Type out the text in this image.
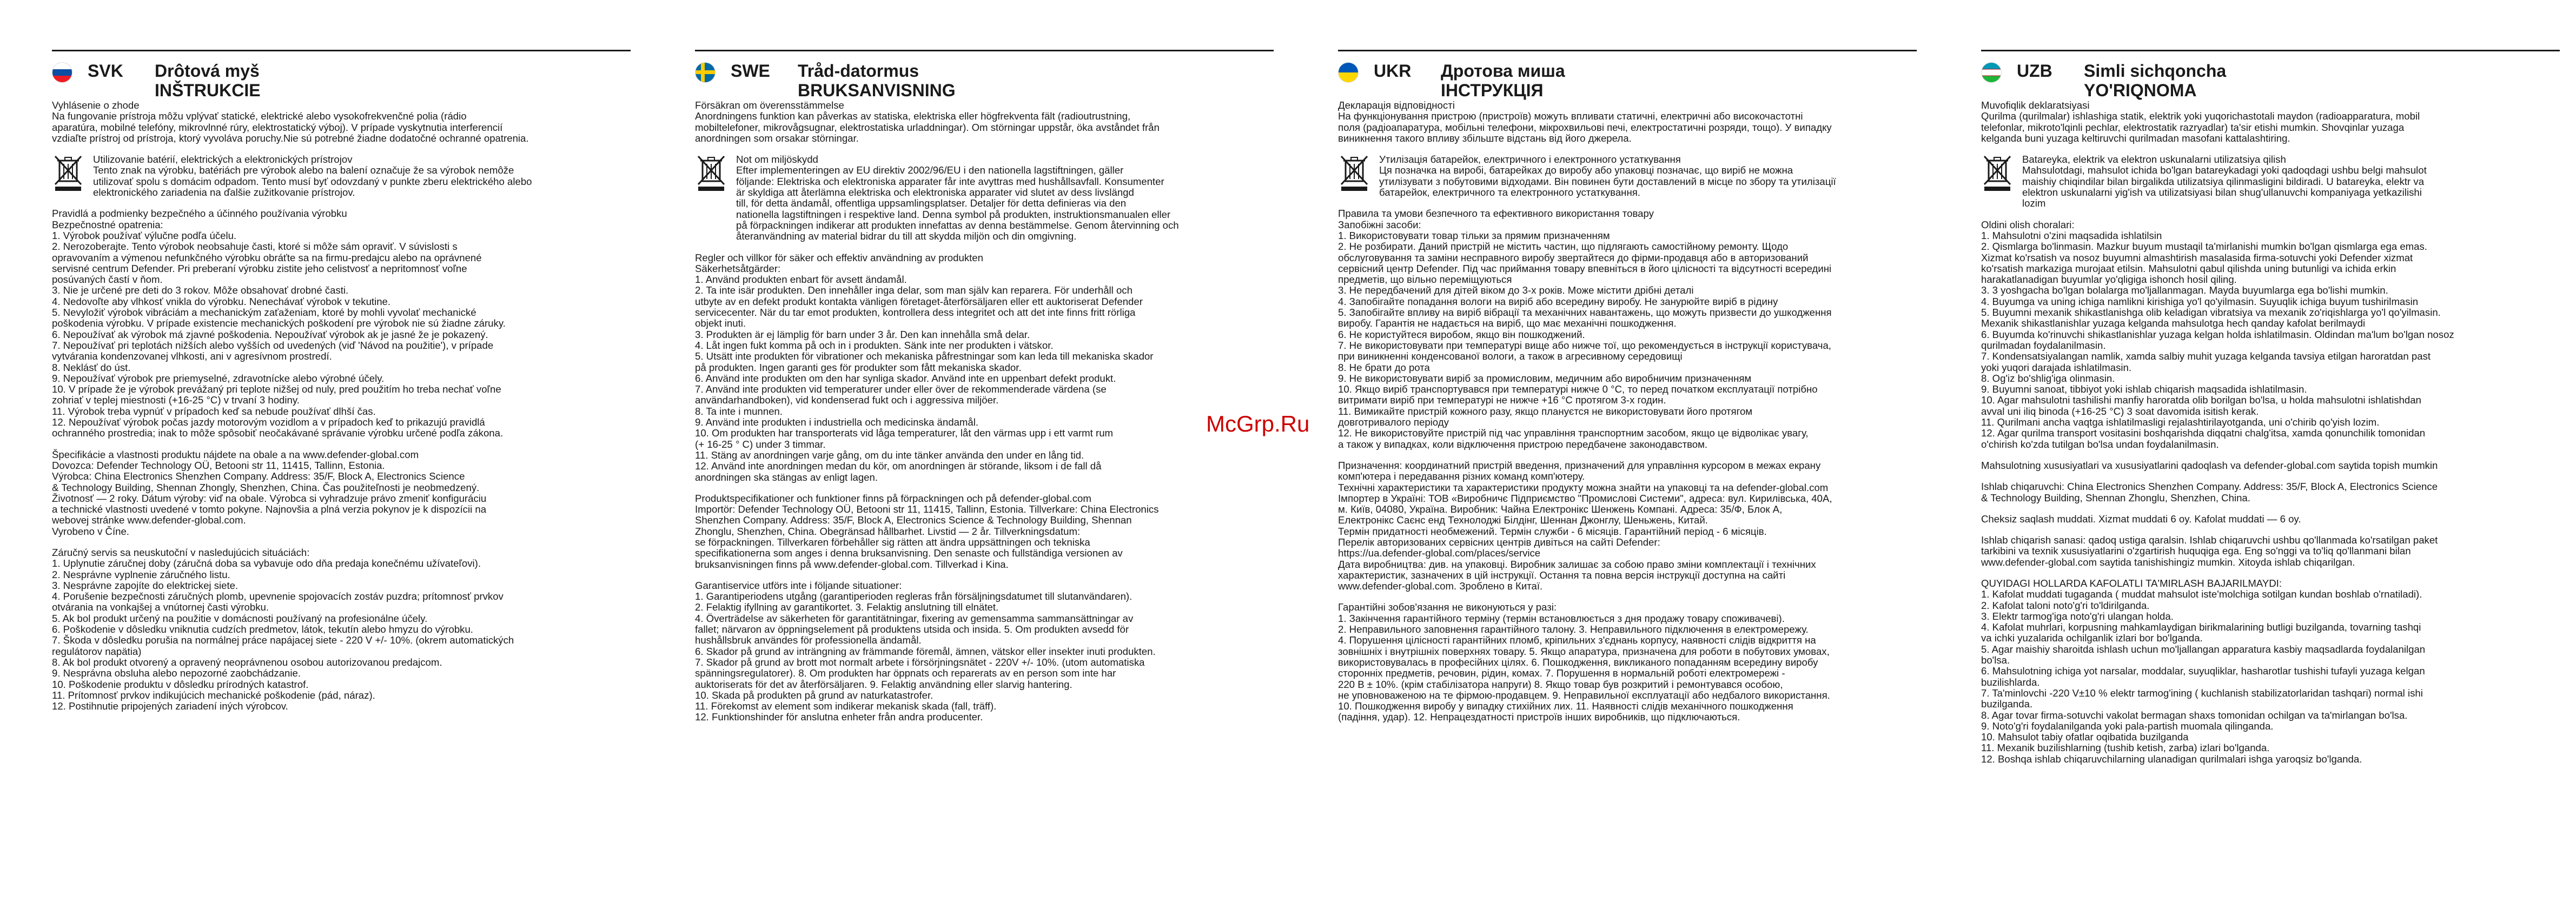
SVK Drôtová myš
INŠTRUKCIE

Vyhlásenie o zhode
Na fungovanie prístroja môžu vplývať statické, elektrické alebo vysokofrekvenčné polia (rádio
aparatúra, mobilné telefóny, mikrovlnné rúry, elektrostatický výboj). V prípade vyskytnutia interferencií
vzdiaľte prístroj od prístroja, ktorý vyvoláva poruchy.Nie sú potrebné žiadne dodatočné ochranné opatrenia.

Utilizovanie batérií, elektrických a elektronických prístrojov
Tento znak na výrobku, batériách pre výrobok alebo na balení označuje že sa výrobok nemôže
utilizovať spolu s domácim odpadom. Tento musí byť odovzdaný v punkte zberu elektrického alebo
elektronického zariadenia na ďalšie zužitkovanie prístrojov.

Pravidlá a podmienky bezpečného a účinného používania výrobku
Bezpečnostné opatrenia:
1. Výrobok používať výlučne podľa účelu.
2. Nerozoberajte. Tento výrobok neobsahuje časti, ktoré si môže sám opraviť. V súvislosti s
opravovaním a výmenou nefunkčného výrobku obráťte sa na firmu-predajcu alebo na oprávnené
servisné centrum Defender. Pri preberaní výrobku zistite jeho celistvosť a nepritomnosť voľne
posúvaných častí v ňom.
3. Nie je určené pre deti do 3 rokov. Môže obsahovať drobné časti.
4. Nedovoľte aby vlhkosť vnikla do výrobku. Nenechávať výrobok v tekutine.
5. Nevyložiť výrobok vibráciám a mechanickým zaťaženiam, ktoré by mohli vyvolať mechanické
poškodenia výrobku. V prípade existencie mechanických poškodení pre výrobok nie sú žiadne záruky.
6. Nepoužívať ak výrobok má zjavné poškodenia. Nepoužívať výrobok ak je jasné že je pokazený.
7. Nepoužívať pri teplotách nižších alebo vyšších od uvedených (viď 'Návod na použitie'), v prípade
vytvárania kondenzovanej vlhkosti, ani v agresívnom prostredí.
8. Neklásť do úst.
9. Nepoužívať výrobok pre priemyselné, zdravotnícke alebo výrobné účely.
10. V prípade že je výrobok prevážaný pri teplote nižšej od nuly, pred použitím ho treba nechať voľne
zohriať v teplej miestnosti (+16-25 °C) v trvaní 3 hodiny.
11. Výrobok treba vypnúť v prípadoch keď sa nebude používať dlhší čas.
12. Nepoužívať výrobok počas jazdy motorovým vozidlom a v prípadoch keď to prikazujú pravidlá
ochranného prostredia; inak to môže spôsobiť neočakávané správanie výrobku určené podľa zákona.

Špecifikácie a vlastnosti produktu nájdete na obale a na www.defender-global.com
Dovozca: Defender Technology OÜ, Betooni str 11, 11415, Tallinn, Estonia.
Výrobca: China Electronics Shenzhen Company. Address: 35/F, Block A, Electronics Science
& Technology Building, Shennan Zhongly, Shenzhen, China. Čas použiteľnosti je neobmedzený.
Životnosť — 2 roky. Dátum výroby: viď na obale. Výrobca si vyhradzuje právo zmeniť konfiguráciu
a technické vlastnosti uvedené v tomto pokyne. Najnovšia a plná verzia pokynov je k dispozícii na
webovej stránke www.defender-global.com.
Vyrobeno v Číne.

Záručný servis sa neuskutoční v nasledujúcich situáciách:
1. Uplynutie záručnej doby (záručná doba sa vybavuje odo dňa predaja konečnému užívateľovi).
2. Nesprávne vyplnenie záručného listu.
3. Nesprávne zapojíte do elektrickej siete.
4. Porušenie bezpečnosti záručných plomb, upevnenie spojovacích zostáv puzdra; prítomnosť prvkov
otvárania na vonkajšej a vnútornej časti výrobku.
5. Ak bol produkt určený na použitie v domácnosti používaný na profesionálne účely.
6. Poškodenie v dôsledku vniknutia cudzích predmetov, látok, tekutín alebo hmyzu do výrobku.
7. Škoda v dôsledku porušia na normálnej práce napájacej siete - 220 V +/- 10%. (okrem automatických
regulátorov napätia)
8. Ak bol produkt otvorený a opravený neoprávnenou osobou autorizovanou predajcom.
9. Nesprávna obsluha alebo nepozorné zaobchádzanie.
10. Poškodenie produktu v dôsledku prírodných katastrof.
11. Prítomnosť prvkov indikujúcich mechanické poškodenie (pád, náraz).
12. Postihnutie pripojených zariadení iných výrobcov.

SWE Tråd-datormus
BRUKSANVISNING

Försäkran om överensstämmelse
Anordningens funktion kan påverkas av statiska, elektriska eller högfrekventa fält (radioutrustning,
mobiltelefoner, mikrovågsugnar, elektrostatiska urladdningar). Om störningar uppstår, öka avståndet från
anordningen som orsakar störningar.

Not om miljöskydd
Efter implementeringen av EU direktiv 2002/96/EU i den nationella lagstiftningen, gäller
följande: Elektriska och elektroniska apparater får inte avyttras med hushållsavfall. Konsumenter
är skyldiga att återlämna elektriska och elektroniska apparater vid slutet av dess livslängd
till, för detta ändamål, offentliga uppsamlingsplatser. Detaljer för detta definieras via den
nationella lagstiftningen i respektive land. Denna symbol på produkten, instruktionsmanualen eller
på förpackningen indikerar att produkten innefattas av denna bestämmelse. Genom återvinning och
återanvändning av material bidrar du till att skydda miljön och din omgivning.

Regler och villkor för säker och effektiv användning av produkten
Säkerhetsåtgärder:
1. Använd produkten enbart för avsett ändamål.
2. Ta inte isär produkten. Den innehåller inga delar, som man själv kan reparera. För underhåll och
utbyte av en defekt produkt kontakta vänligen företaget-återförsäljaren eller ett auktoriserat Defender
servicecenter. När du tar emot produkten, kontrollera dess integritet och att det inte finns fritt rörliga
objekt inuti.
3. Produkten är ej lämplig för barn under 3 år. Den kan innehålla små delar.
4. Låt ingen fukt komma på och in i produkten. Sänk inte ner produkten i vätskor.
5. Utsätt inte produkten för vibrationer och mekaniska påfrestningar som kan leda till mekaniska skador
på produkten. Ingen garanti ges för produkter som fått mekaniska skador.
6. Använd inte produkten om den har synliga skador. Använd inte en uppenbart defekt produkt.
7. Använd inte produkten vid temperaturer under eller över de rekommenderade värdena (se
användarhandboken), vid kondenserad fukt och i aggressiva miljöer.
8. Ta inte i munnen.
9. Använd inte produkten i industriella och medicinska ändamål.
10. Om produkten har transporterats vid låga temperaturer, låt den värmas upp i ett varmt rum
(+ 16-25 ° C) under 3 timmar.
11. Stäng av anordningen varje gång, om du inte tänker använda den under en lång tid.
12. Använd inte anordningen medan du kör, om anordningen är störande, liksom i de fall då
anordningen ska stängas av enligt lagen.

Produktspecifikationer och funktioner finns på förpackningen och på defender-global.com
Importör: Defender Technology OÜ, Betooni str 11, 11415, Tallinn, Estonia. Tillverkare: China Electronics
Shenzhen Company. Address: 35/F, Block A, Electronics Science & Technology Building, Shennan
Zhonglu, Shenzhen, China. Obegränsad hållbarhet. Livstid — 2 år. Tillverkningsdatum:
se förpackningen. Tillverkaren förbehåller sig rätten att ändra uppsättningen och tekniska
specifikationerna som anges i denna bruksanvisning. Den senaste och fullständiga versionen av
bruksanvisningen finns på www.defender-global.com. Tillverkad i Kina.

Garantiservice utförs inte i följande situationer:
1. Garantiperiodens utgång (garantiperioden regleras från försäljningsdatumet till slutanvändaren).
2. Felaktig ifyllning av garantikortet. 3. Felaktig anslutning till elnätet.
4. Överträdelse av säkerheten för garantitätningar, fixering av gemensamma sammansättningar av
fallet; närvaron av öppningselement på produktens utsida och insida. 5. Om produkten avsedd för
hushållsbruk användes för professionella ändamål.
6. Skador på grund av inträngning av främmande föremål, ämnen, vätskor eller insekter inuti produkten.
7. Skador på grund av brott mot normalt arbete i försörjningsnätet - 220V +/- 10%. (utom automatiska
spänningsregulatorer). 8. Om produkten har öppnats och reparerats av en person som inte har
auktoriserats för det av återförsäljaren. 9. Felaktig användning eller slarvig hantering.
10. Skada på produkten på grund av naturkatastrofer.
11. Förekomst av element som indikerar mekanisk skada (fall, träff).
12. Funktionshinder för anslutna enheter från andra producenter.

UKR Дротова миша
ІНСТРУКЦІЯ

Декларація відповідності
На функціонування пристрою (пристроїв) можуть впливати статичні, електричні або високочастотні
поля (радіоапаратура, мобільні телефони, мікрохвильові печі, електростатичні розряди, тощо). У випадку
виникнення такого впливу збільште відстань від його джерела.

Утилізація батарейок, електричного і електронного устаткування
Ця позначка на виробі, батарейках до виробу або упаковці позначає, що виріб не можна
утилізувати з побутовими відходами. Він повинен бути доставлений в місце по збору та утилізації
батарейок, електричного та електронного устаткування.

Правила та умови безпечного та ефективного використання товару
Запобіжні засоби:
1. Використовувати товар тільки за прямим призначенням
2. Не розбирати. Даний пристрій не містить частин, що підлягають самостійному ремонту. Щодо
обслуговування та заміни несправного виробу звертайтеся до фірми-продавця або в авторизований
сервісний центр Defender. Під час приймання товару впевніться в його цілісності та відсутності всередині
предметів, що вільно переміщуються
3. Не передбачений для дітей віком до 3-х років. Може містити дрібні деталі
4. Запобігайте попадання вологи на виріб або всередину виробу. Не занурюйте виріб в рідину
5. Запобігайте впливу на виріб вібрації та механічних навантажень, що можуть призвести до ушкодження
виробу. Гарантія не надається на виріб, що має механічні пошкодження.
6. Не користуйтеся виробом, якщо він пошкоджений.
7. Не використовувати при температурі вище або нижче тої, що рекомендується в інструкції користувача,
при виникненні конденсованої вологи, а також в агресивному середовищі
8. Не брати до рота
9. Не використовувати виріб за промисловим, медичним або виробничим призначенням
10. Якщо виріб транспортувався при температурі нижче 0 °С, то перед початком експлуатації потрібно
витримати виріб при температурі не нижче +16 °С протягом 3-х годин.
11. Вимикайте пристрій кожного разу, якщо плануєтся не використовувати його протягом
довготривалого періоду
12. Не використовуйте пристрій під час управління транспортним засобом, якщо це відволікає увагу,
а також у випадках, коли відключення пристрою передбачене законодавством.

Призначення: координатний пристрій введення, призначений для управління курсором в межах екрану
комп'ютера і передавання різних команд комп'ютеру.
Технічні характеристики та характеристики продукту можна знайти на упаковці та на defender-global.com
Імпортер в Україні: ТОВ «Виробничє Підприємство "Промислові Системи", адреса: вул. Кирилівська, 40А,
м. Київ, 04080, Україна. Виробник: Чайна Електронікс Шенжень Компані. Адреса: 35/Ф, Блок А,
Електронікс Саєнс енд Технолоджі Білдінг, Шеннан Джонглу, Шеньжень, Китай.
Термін придатності необмежений. Термін служби - 6 місяців. Гарантійний період - 6 місяців.
Перелік авторизованих сервісних центрів дивіться на сайті Defender:
https://ua.defender-global.com/places/service
Дата виробництва: див. на упаковці. Виробник залишає за собою право зміни комплектації і технічних
характеристик, зазначених в цій інструкції. Остання та повна версія інструкції доступна на сайті
www.defender-global.com. Зроблено в Китаї.

Гарантійні зобов'язання не виконуються у разі:
1. Закінчення гарантійного терміну (термін встановлюється з дня продажу товару споживачеві).
2. Неправильного заповнення гарантійного талону. 3. Неправильного підключення в електромережу.
4. Порушення цілісності гарантійних пломб, кріпильних з'єднань корпусу, наявності слідів відкриття на
зовнішніх і внутрішніх поверхнях товару. 5. Якщо апаратура, призначена для роботи в побутових умовах,
використовувалась в професійних цілях. 6. Пошкодження, викликаного попаданням всередину виробу
сторонніх предметів, речовин, рідин, комах. 7. Порушення в нормальній роботі електромережі -
220 В ± 10%. (крім стабілізатора напруги) 8. Якщо товар був розкритий і ремонтувався особою,
не уповноваженою на те фірмою-продавцем. 9. Неправильної експлуатації або недбалого використання.
10. Пошкодження виробу у випадку стихійних лих. 11. Наявності слідів механічного пошкодження
(падіння, удар). 12. Непрацездатності пристроїв інших виробників, що підключаються.

UZB Simli sichqoncha
YO'RIQNOMA

Muvofiqlik deklaratsiyasi
Qurilma (qurilmalar) ishlashiga statik, elektrik yoki yuqorichastotali maydon (radioapparatura, mobil
telefonlar, mikroto'lqinli pechlar, elektrostatik razryadlar) ta'sir etishi mumkin. Shovqinlar yuzaga
kelganda buni yuzaga keltiruvchi qurilmadan masofani kattalashtiring.

Batareyka, elektrik va elektron uskunalarni utilizatsiya qilish
Mahsulotdagi, mahsulot ichida bo'lgan batareykadagi yoki qadoqdagi ushbu belgi mahsulot
maishiy chiqindilar bilan birgalikda utilizatsiya qilinmasligini bildiradi. U batareyka, elektr va
elektron uskunalarni yig'ish va utilizatsiyasi bilan shug'ullanuvchi kompaniyaga yetkazilishi
lozim

Oldini olish choralari:
1. Mahsulotni o'zini maqsadida ishlatilsin
2. Qismlarga bo'linmasin. Mazkur buyum mustaqil ta'mirlanishi mumkin bo'lgan qismlarga ega emas.
Xizmat ko'rsatish va nosoz buyumni almashtirish masalasida firma-sotuvchi yoki Defender xizmat
ko'rsatish markaziga murojaat etilsin. Mahsulotni qabul qilishda uning butunligi va ichida erkin
harakatlanadigan buyumlar yo'qligiga ishonch hosil qiling.
3. 3 yoshgacha bo'lgan bolalarga mo'ljallanmagan. Mayda buyumlarga ega bo'lishi mumkin.
4. Buyumga va uning ichiga namlikni kirishiga yo'l qo'yilmasin. Suyuqlik ichiga buyum tushirilmasin
5. Buyumni mexanik shikastlanishga olib keladigan vibratsiya va mexanik zo'riqishlarga yo'l qo'yilmasin.
Mexanik shikastlanishlar yuzaga kelganda mahsulotga hech qanday kafolat berilmaydi
6. Buyumda ko'rinuvchi shikastlanishlar yuzaga kelgan holda ishlatilmasin. Oldindan ma'lum bo'lgan nosoz
qurilmadan foydalanilmasin.
7. Kondensatsiyalangan namlik, xamda salbiy muhit yuzaga kelganda tavsiya etilgan haroratdan past
yoki yuqori darajada ishlatilmasin.
8. Og'iz bo'shlig'iga olinmasin.
9. Buyumni sanoat, tibbiyot yoki ishlab chiqarish maqsadida ishlatilmasin.
10. Agar mahsulotni tashilishi manfiy haroratda olib borilgan bo'lsa, u holda mahsulotni ishlatishdan
avval uni iliq binoda (+16-25 °C) 3 soat davomida isitish kerak.
11. Qurilmani ancha vaqtga ishlatilmasligi rejalashtirilayotganda, uni o'chirib qo'yish lozim.
12. Agar qurilma transport vositasini boshqarishda diqqatni chalg'itsa, xamda qonunchilik tomonidan
o'chirish ko'zda tutilgan bo'lsa undan foydalanilmasin.

Mahsulotning xususiyatlari va xususiyatlarini qadoqlash va defender-global.com saytida topish mumkin

Ishlab chiqaruvchi: China Electronics Shenzhen Company. Address: 35/F, Block A, Electronics Science
& Technology Building, Shennan Zhonglu, Shenzhen, China.

Cheksiz saqlash muddati. Xizmat muddati 6 oy. Kafolat muddati — 6 oy.

Ishlab chiqarish sanasi: qadoq ustiga qaralsin. Ishlab chiqaruvchi ushbu qo'llanmada ko'rsatilgan paket
tarkibini va texnik xususiyatlarini o'zgartirish huquqiga ega. Eng so'nggi va to'liq qo'llanmani bilan
www.defender-global.com saytida tanishishingiz mumkin. Xitoyda ishlab chiqarilgan.

QUYIDAGI HOLLARDA KAFOLATLI TA'MIRLASH BAJARILMAYDI:
1. Kafolat muddati tugaganda ( muddat mahsulot iste'molchiga sotilgan kundan boshlab o'rnatiladi).
2. Kafolat taloni noto'g'ri to'ldirilganda.
3. Elektr tarmog'iga noto'g'ri ulangan holda.
4. Kafolat muhrlari, korpusning mahkamlaydigan birikmalarining butligi buzilganda, tovarning tashqi
va ichki yuzalarida ochilganlik izlari bor bo'lganda.
5. Agar maishiy sharoitda ishlash uchun mo'ljallangan apparatura kasbiy maqsadlarda foydalanilgan
bo'lsa.
6. Mahsulotning ichiga yot narsalar, moddalar, suyuqliklar, hasharotlar tushishi tufayli yuzaga kelgan
buzilishlarda.
7. Ta'minlovchi -220 V±10 % elektr tarmog'ining ( kuchlanish stabilizatorlaridan tashqari) normal ishi
buzilganda.
8. Agar tovar firma-sotuvchi vakolat bermagan shaxs tomonidan ochilgan va ta'mirlangan bo'lsa.
9. Noto'g'ri foydalanilganda yoki pala-partish muomala qilinganda.
10. Mahsulot tabiy ofatlar oqibatida buzilganda
11. Mexanik buzilishlarning (tushib ketish, zarba) izlari bo'lganda.
12. Boshqa ishlab chiqaruvchilarning ulanadigan qurilmalari ishga yaroqsiz bo'lganda.

McGrp.Ru
